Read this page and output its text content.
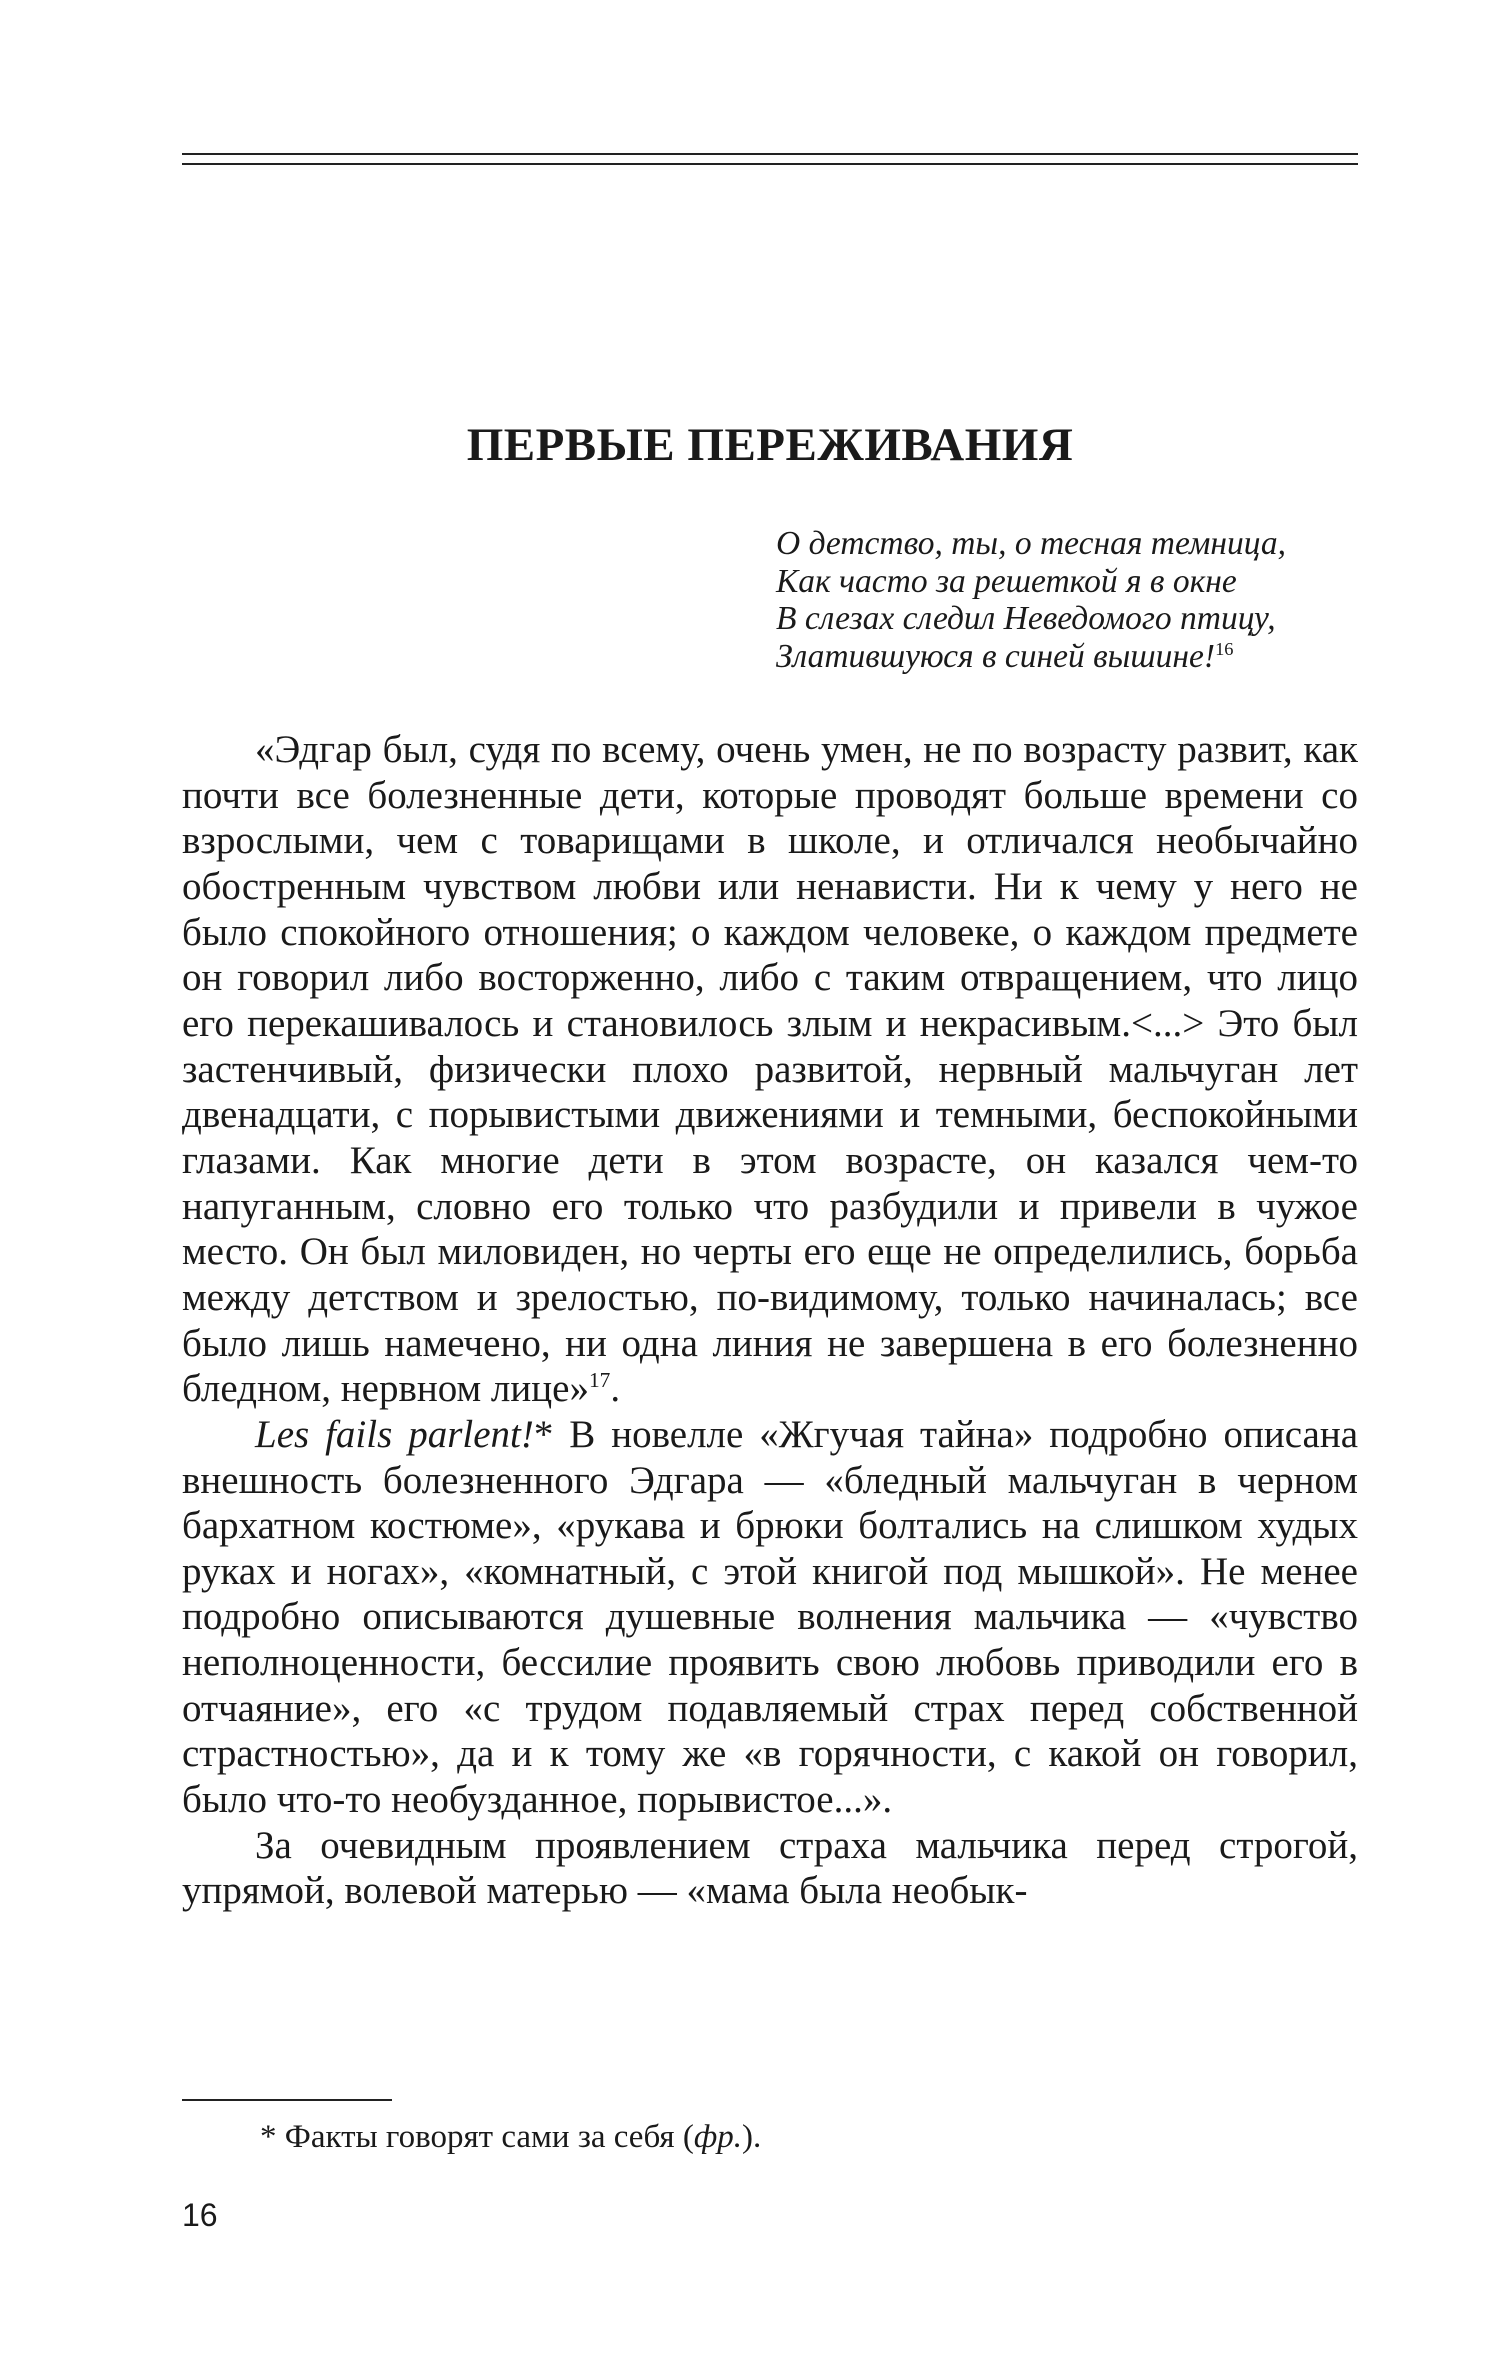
ПЕРВЫЕ ПЕРЕЖИВАНИЯ
О детство, ты, о тесная темница,
Как часто за решеткой я в окне
В слезах следил Неведомого птицу,
Златившуюся в синей вышине!$^{16}$

«Эдгар был, судя по всему, очень умен, не по возрасту развит, как почти все болезненные дети, которые проводят больше времени со взрослыми, чем с товарищами в школе, и отличался необычайно обостренным чувством любви или ненависти. Ни к чему у него не было спокойного отношения; о каждом человеке, о каждом предмете он говорил либо восторженно, либо с таким отвращением, что лицо его перекашивалось и становилось злым и некрасивым.<...> Это был застенчивый, физически плохо развитой, нервный мальчуган лет двенадцати, с порывистыми движениями и темными, беспокойными глазами. Как многие дети в этом возрасте, он казался чем-то напуганным, словно его только что разбудили и привели в чужое место. Он был миловиден, но черты его еще не определились, борьба между детством и зрелостью, по-видимому, только начиналась; все было лишь намечено, ни одна линия не завершена в его болезненно бледном, нервном лице»$^{17}$.

Les fails parlent!* В новелле «Жгучая тайна» подробно описана внешность болезненного Эдгара — «бледный мальчуган в черном бархатном костюме», «рукава и брюки болтались на слишком худых руках и ногах», «комнатный, с этой книгой под мышкой». Не менее подробно описываются душевные волнения мальчика — «чувство неполноценности, бессилие проявить свою любовь приводили его в отчаяние», его «с трудом подавляемый страх перед собственной страстностью», да и к тому же «в горячности, с какой он говорил, было что-то необузданное, порывистое...».

За очевидным проявлением страха мальчика перед строгой, упрямой, волевой матерью — «мама была необык-

* Факты говорят сами за себя (фр.).

16
